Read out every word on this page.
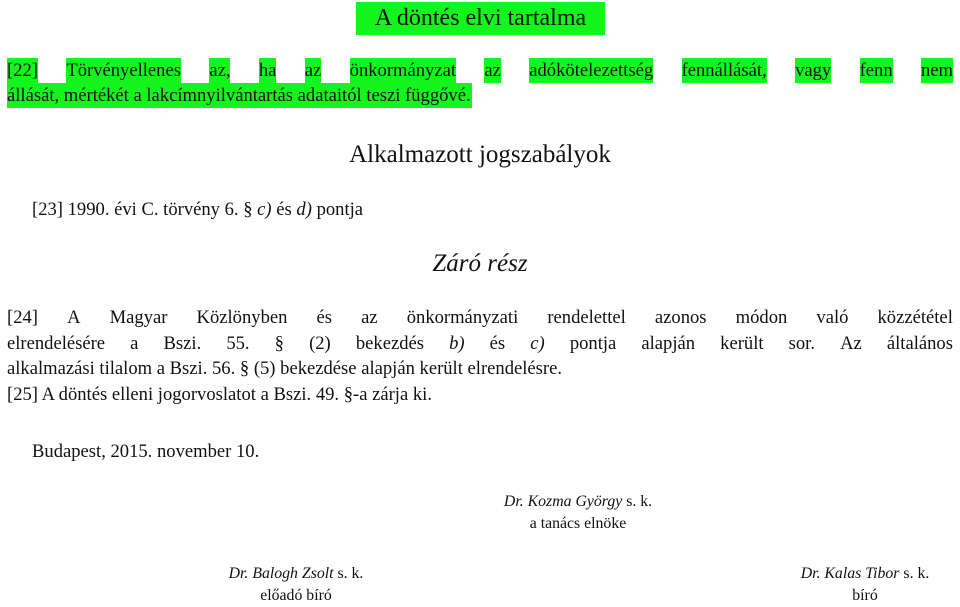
A döntés elvi tartalma
[22] Törvényellenes az, ha az önkormányzat az adókötelezettség fennállását, vagy fenn nem
állását, mértékét a lakcímnyilvántartás adataitól teszi függővé.
Alkalmazott jogszabályok
[23] 1990. évi C. törvény 6. § c) és d) pontja
Záró rész
[24] A Magyar Közlönyben és az önkormányzati rendelettel azonos módon való közzététel
elrendelésére a Bszi. 55. § (2) bekezdés b) és c) pontja alapján került sor. Az általános
alkalmazási tilalom a Bszi. 56. § (5) bekezdése alapján került elrendelésre.
[25] A döntés elleni jogorvoslatot a Bszi. 49. §-a zárja ki.
Budapest, 2015. november 10.
Dr. Kozma György s. k.
a tanács elnöke
Dr. Balogh Zsolt s. k.
előadó bíró
Dr. Kalas Tibor s. k.
bíró
